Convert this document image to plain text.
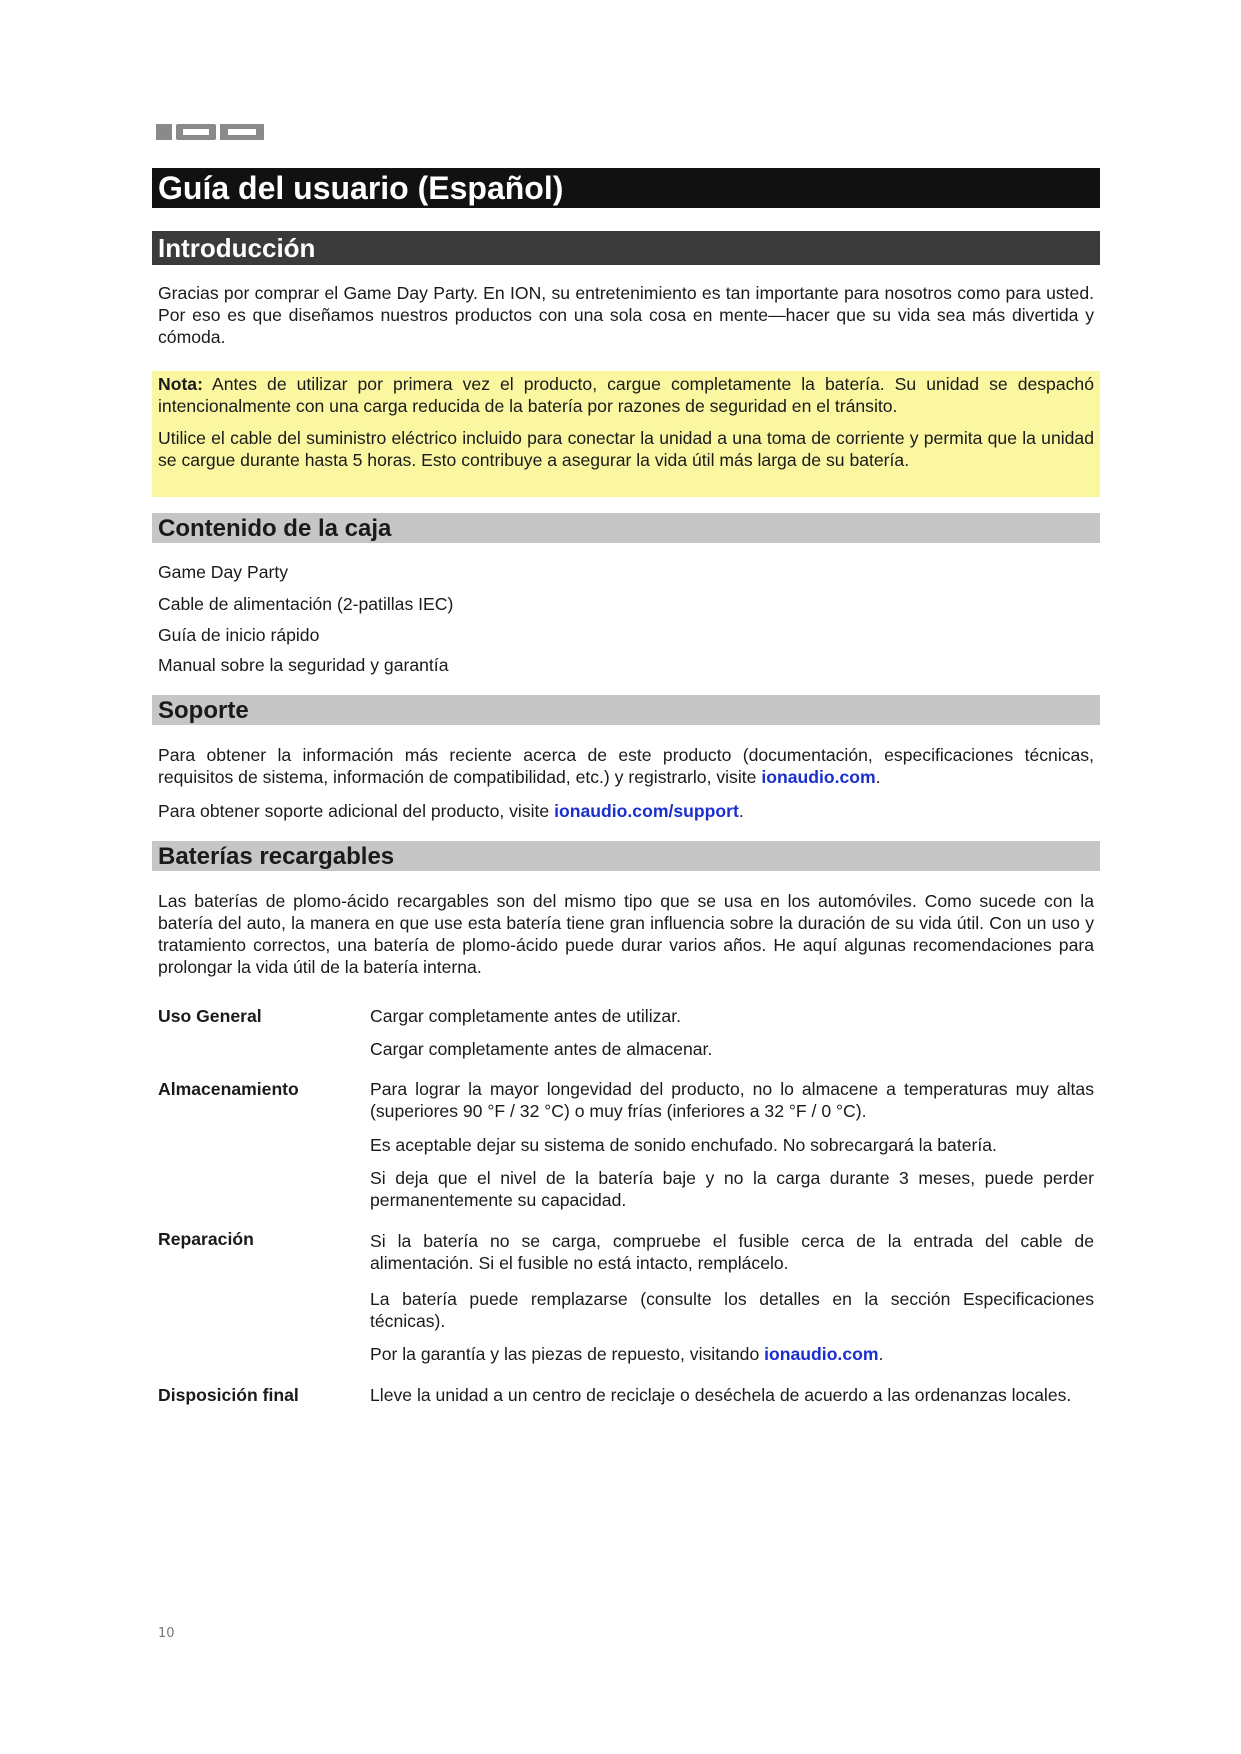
ION
Guía del usuario (Español)
Introducción

Gracias por comprar el Game Day Party. En ION, su entretenimiento es tan importante para nosotros como para usted. Por eso es que diseñamos nuestros productos con una sola cosa en mente—hacer que su vida sea más divertida y cómoda.

Nota: Antes de utilizar por primera vez el producto, cargue completamente la batería. Su unidad se despachó intencionalmente con una carga reducida de la batería por razones de seguridad en el tránsito.

Utilice el cable del suministro eléctrico incluido para conectar la unidad a una toma de corriente y permita que la unidad se cargue durante hasta 5 horas. Esto contribuye a asegurar la vida útil más larga de su batería.

Contenido de la caja
Game Day Party
Cable de alimentación (2-patillas IEC)
Guía de inicio rápido
Manual sobre la seguridad y garantía
Soporte

Para obtener la información más reciente acerca de este producto (documentación, especificaciones técnicas, requisitos de sistema, información de compatibilidad, etc.) y registrarlo, visite ionaudio.com.

Para obtener soporte adicional del producto, visite ionaudio.com/support.

Baterías recargables

Las baterías de plomo-ácido recargables son del mismo tipo que se usa en los automóviles. Como sucede con la batería del auto, la manera en que use esta batería tiene gran influencia sobre la duración de su vida útil. Con un uso y tratamiento correctos, una batería de plomo-ácido puede durar varios años. He aquí algunas recomendaciones para prolongar la vida útil de la batería interna.

Uso General	Cargar completamente antes de utilizar.

Cargar completamente antes de almacenar.

Almacenamiento	Para lograr la mayor longevidad del producto, no lo almacene a temperaturas muy altas (superiores 90 °F / 32 °C) o muy frías (inferiores a 32 °F / 0 °C).

Es aceptable dejar su sistema de sonido enchufado. No sobrecargará la batería.

Si deja que el nivel de la batería baje y no la carga durante 3 meses, puede perder permanentemente su capacidad.

Reparación	Si la batería no se carga, compruebe el fusible cerca de la entrada del cable de alimentación. Si el fusible no está intacto, remplácelo.

La batería puede remplazarse (consulte los detalles en la sección Especificaciones técnicas).

Por la garantía y las piezas de repuesto, visitando ionaudio.com.

Disposición final	Lleve la unidad a un centro de reciclaje o deséchela de acuerdo a las ordenanzas locales.

10
